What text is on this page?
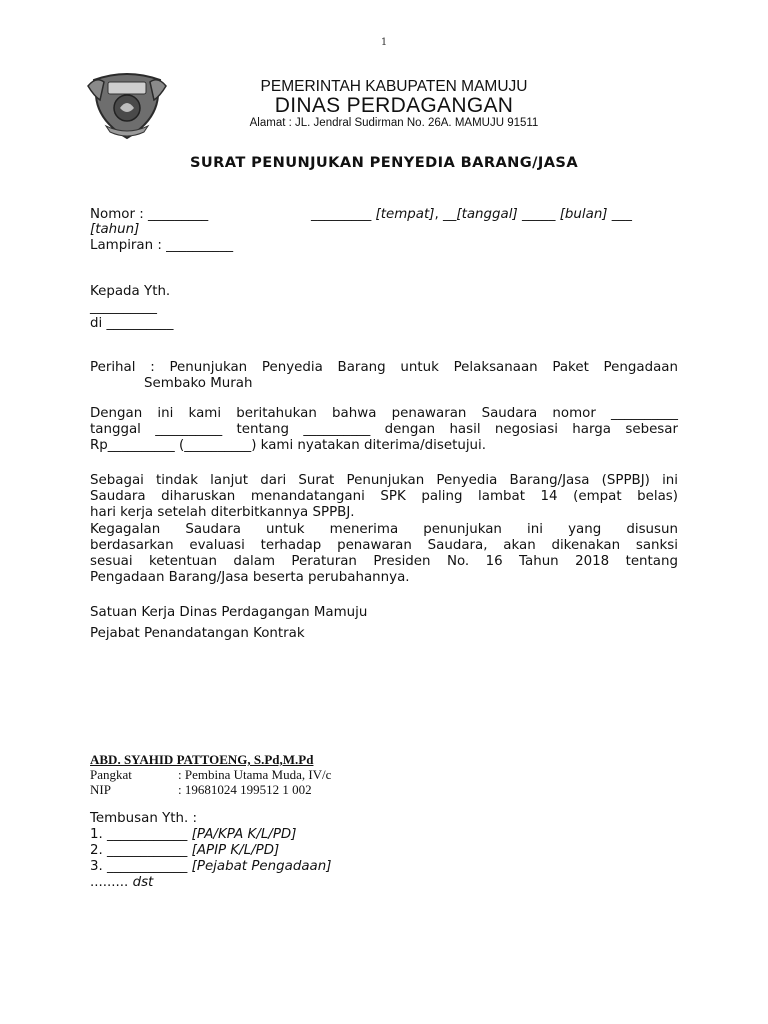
1
PEMERINTAH KABUPATEN MAMUJU
DINAS PERDAGANGAN
Alamat : JL. Jendral Sudirman No. 26A. MAMUJU 91511
SURAT PENUNJUKAN PENYEDIA BARANG/JASA
Nomor : _________	_________ [tempat], __[tanggal] _____ [bulan] ___
[tahun]
Lampiran : __________
Kepada Yth.
__________
di __________
Perihal : Penunjukan Penyedia Barang untuk Pelaksanaan Paket Pengadaan
Sembako Murah
Dengan ini kami beritahukan bahwa penawaran Saudara nomor __________
tanggal __________ tentang __________ dengan hasil negosiasi harga sebesar
Rp__________ (__________) kami nyatakan diterima/disetujui.
Sebagai tindak lanjut dari Surat Penunjukan Penyedia Barang/Jasa (SPPBJ) ini
Saudara diharuskan menandatangani SPK paling lambat 14 (empat belas)
hari kerja setelah diterbitkannya SPPBJ.
Kegagalan Saudara untuk menerima penunjukan ini yang disusun
berdasarkan evaluasi terhadap penawaran Saudara, akan dikenakan sanksi
sesuai ketentuan dalam Peraturan Presiden No. 16 Tahun 2018 tentang
Pengadaan Barang/Jasa beserta perubahannya.
Satuan Kerja Dinas Perdagangan Mamuju
Pejabat Penandatangan Kontrak
ABD. SYAHID PATTOENG, S.Pd,M.Pd
Pangkat	: Pembina Utama Muda, IV/c
NIP	: 19681024 199512 1 002
Tembusan Yth. :
1. ____________ [PA/KPA K/L/PD]
2. ____________ [APIP K/L/PD]
3. ____________ [Pejabat Pengadaan]
......... dst
